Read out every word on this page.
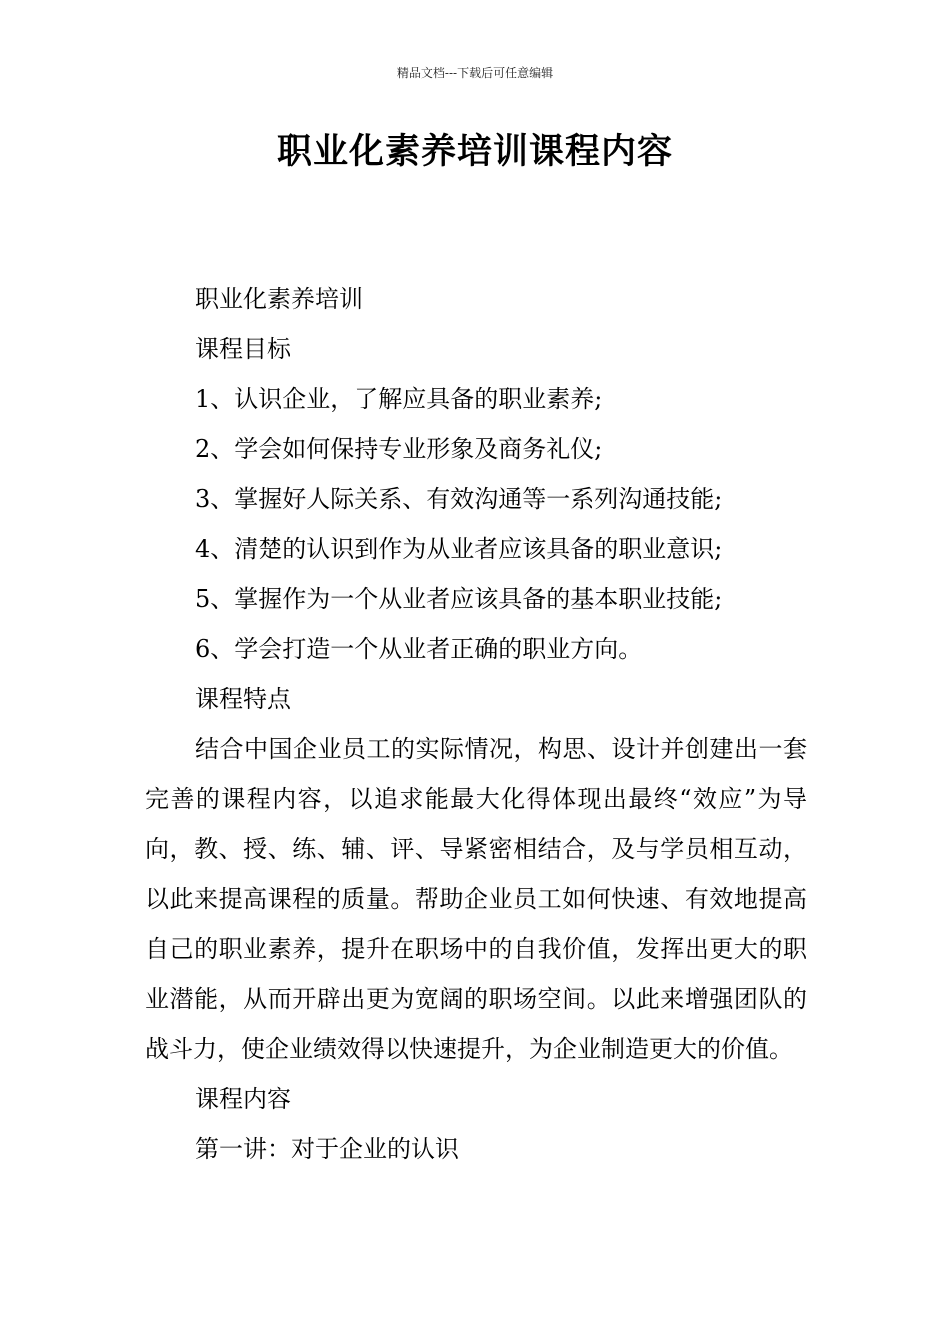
精品文档---下载后可任意编辑
职业化素养培训课程内容

职业化素养培训

课程目标

1、认识企业，了解应具备的职业素养;

2、学会如何保持专业形象及商务礼仪;

3、掌握好人际关系、有效沟通等一系列沟通技能;

4、清楚的认识到作为从业者应该具备的职业意识;

5、掌握作为一个从业者应该具备的基本职业技能;

6、学会打造一个从业者正确的职业方向。

课程特点

结合中国企业员工的实际情况，构思、设计并创建出一套完善的课程内容，以追求能最大化得体现出最终“效应”为导向，教、授、练、辅、评、导紧密相结合，及与学员相互动，以此来提高课程的质量。帮助企业员工如何快速、有效地提高自己的职业素养，提升在职场中的自我价值，发挥出更大的职业潜能，从而开辟出更为宽阔的职场空间。以此来增强团队的战斗力，使企业绩效得以快速提升，为企业制造更大的价值。

课程内容

第一讲：对于企业的认识
